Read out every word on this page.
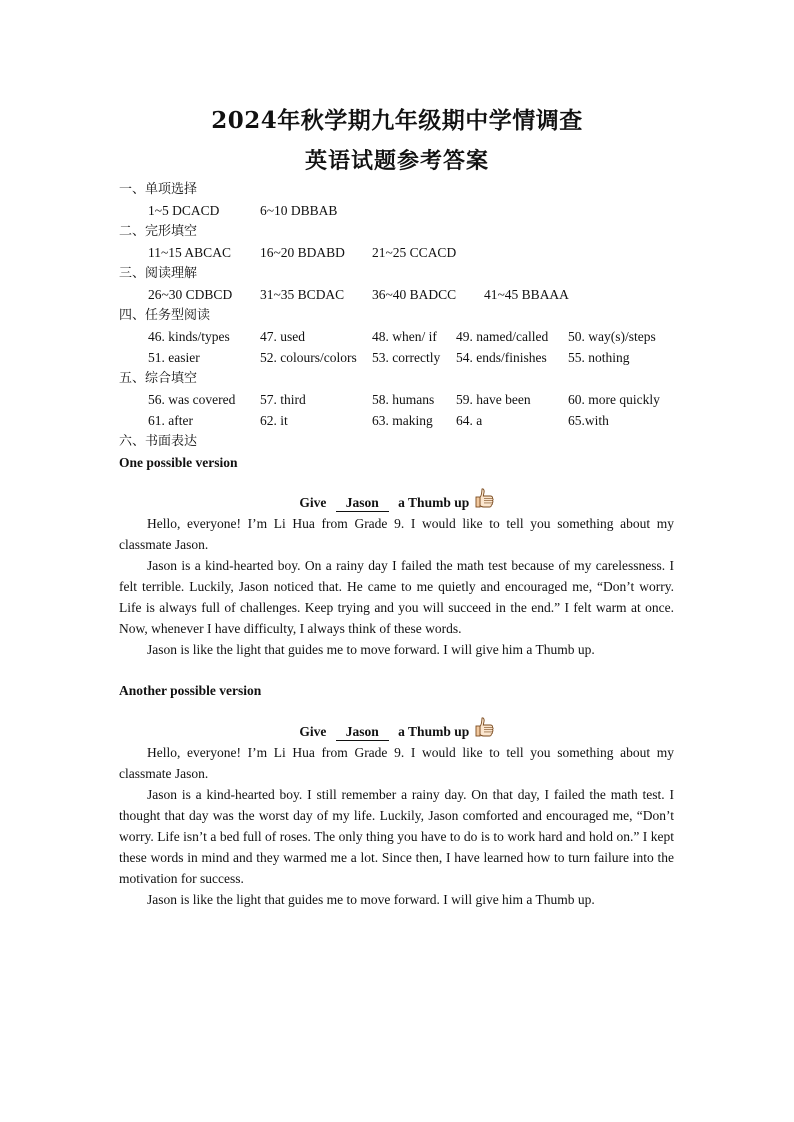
2024年秋学期九年级期中学情调查
英语试题参考答案
一、单项选择
1~5 DCACD	6~10 DBBAB
二、完形填空
11~15 ABCAC 16~20 BDABD 21~25 CCACD
三、阅读理解
26~30 CDBCD 31~35 BCDAC 36~40 BADCC 41~45 BBAAA
四、任务型阅读
46. kinds/types 47. used	48. when/ if 49. named/called 50. way(s)/steps
51. easier	52. colours/colors 53. correctly 54. ends/finishes 55. nothing
五、综合填空
56. was covered 57. third	58. humans 59. have been	60. more quickly
61. after	62. it	63. making 64. a	65.with
六、书面表达
One possible version
Give Jason a Thumb up

Hello, everyone! I’m Li Hua from Grade 9. I would like to tell you something about my classmate Jason.

Jason is a kind-hearted boy. On a rainy day I failed the math test because of my carelessness. I felt terrible. Luckily, Jason noticed that. He came to me quietly and encouraged me, “Don’t worry. Life is always full of challenges. Keep trying and you will succeed in the end.” I felt warm at once. Now, whenever I have difficulty, I always think of these words.

Jason is like the light that guides me to move forward. I will give him a Thumb up.

Another possible version
Give Jason a Thumb up

Hello, everyone! I’m Li Hua from Grade 9. I would like to tell you something about my classmate Jason.

Jason is a kind-hearted boy. I still remember a rainy day. On that day, I failed the math test. I thought that day was the worst day of my life. Luckily, Jason comforted and encouraged me, “Don’t worry. Life isn’t a bed full of roses. The only thing you have to do is to work hard and hold on.” I kept these words in mind and they warmed me a lot. Since then, I have learned how to turn failure into the motivation for success.

Jason is like the light that guides me to move forward. I will give him a Thumb up.
